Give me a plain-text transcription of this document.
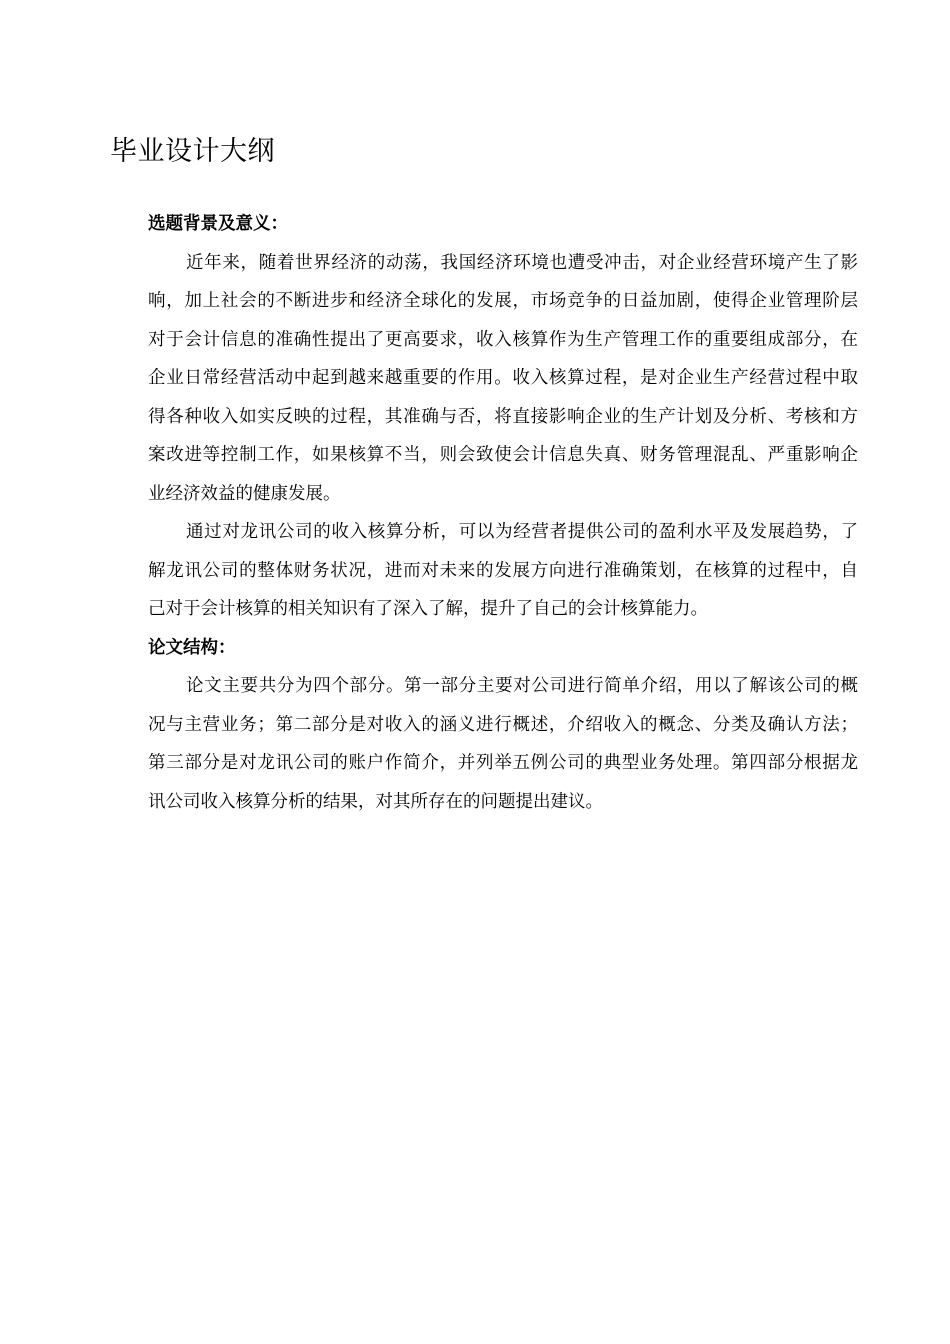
毕业设计大纲
选题背景及意义：
近年来，随着世界经济的动荡，我国经济环境也遭受冲击，对企业经营环境产生了影
响，加上社会的不断进步和经济全球化的发展，市场竞争的日益加剧，使得企业管理阶层
对于会计信息的准确性提出了更高要求，收入核算作为生产管理工作的重要组成部分，在
企业日常经营活动中起到越来越重要的作用。收入核算过程，是对企业生产经营过程中取
得各种收入如实反映的过程，其准确与否，将直接影响企业的生产计划及分析、考核和方
案改进等控制工作，如果核算不当，则会致使会计信息失真、财务管理混乱、严重影响企
业经济效益的健康发展。
通过对龙讯公司的收入核算分析，可以为经营者提供公司的盈利水平及发展趋势，了
解龙讯公司的整体财务状况，进而对未来的发展方向进行准确策划，在核算的过程中，自
己对于会计核算的相关知识有了深入了解，提升了自己的会计核算能力。
论文结构：
论文主要共分为四个部分。第一部分主要对公司进行简单介绍，用以了解该公司的概
况与主营业务；第二部分是对收入的涵义进行概述，介绍收入的概念、分类及确认方法；
第三部分是对龙讯公司的账户作简介，并列举五例公司的典型业务处理。第四部分根据龙
讯公司收入核算分析的结果，对其所存在的问题提出建议。
